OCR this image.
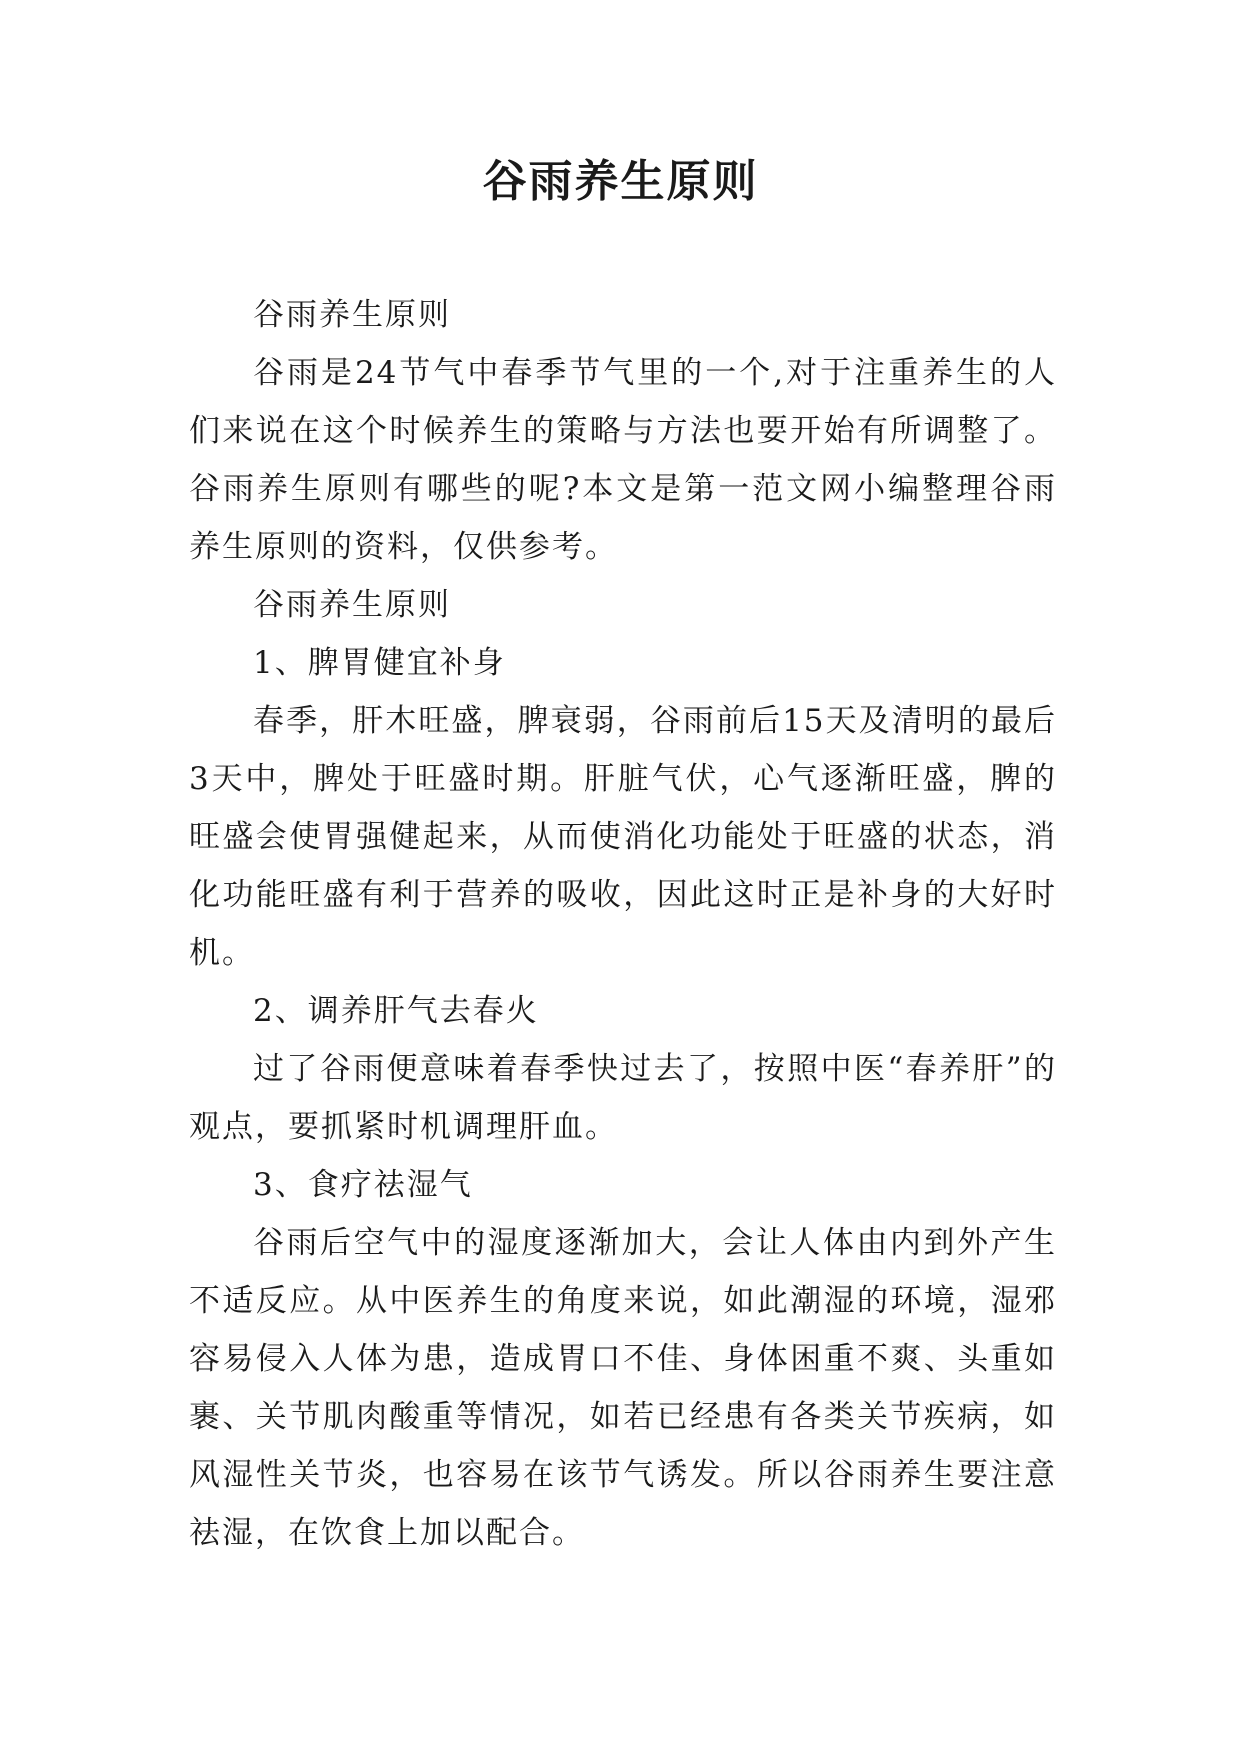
谷雨养生原则

谷雨养生原则

谷雨是24节气中春季节气里的一个,对于注重养生的人们来说在这个时候养生的策略与方法也要开始有所调整了。谷雨养生原则有哪些的呢?本文是第一范文网小编整理谷雨养生原则的资料，仅供参考。

谷雨养生原则

1、脾胃健宜补身

春季，肝木旺盛，脾衰弱，谷雨前后15天及清明的最后3天中，脾处于旺盛时期。肝脏气伏，心气逐渐旺盛，脾的旺盛会使胃强健起来，从而使消化功能处于旺盛的状态，消化功能旺盛有利于营养的吸收，因此这时正是补身的大好时机。

2、调养肝气去春火

过了谷雨便意味着春季快过去了，按照中医“春养肝”的观点，要抓紧时机调理肝血。

3、食疗祛湿气

谷雨后空气中的湿度逐渐加大，会让人体由内到外产生不适反应。从中医养生的角度来说，如此潮湿的环境，湿邪容易侵入人体为患，造成胃口不佳、身体困重不爽、头重如裹、关节肌肉酸重等情况，如若已经患有各类关节疾病，如风湿性关节炎，也容易在该节气诱发。所以谷雨养生要注意祛湿，在饮食上加以配合。
